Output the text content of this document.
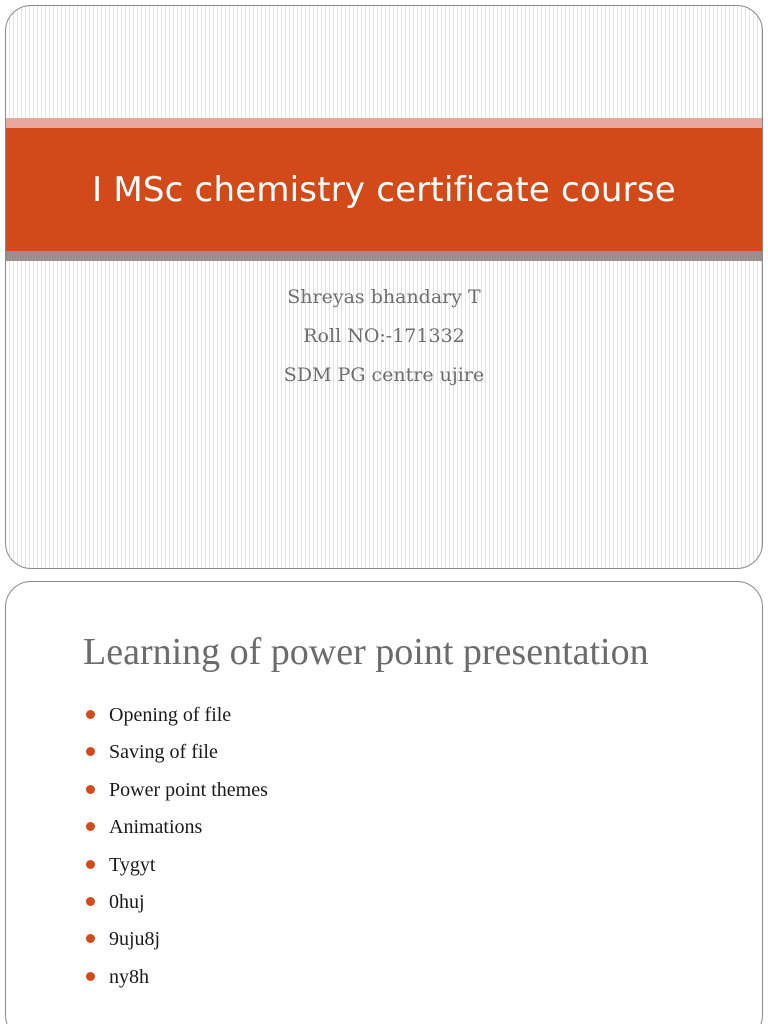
I MSc chemistry certificate course
Shreyas bhandary T
Roll NO:-171332
SDM PG centre ujire
Learning of power point presentation
Opening of file
Saving of file
Power point themes
Animations
Tygyt
0huj
9uju8j
ny8h
